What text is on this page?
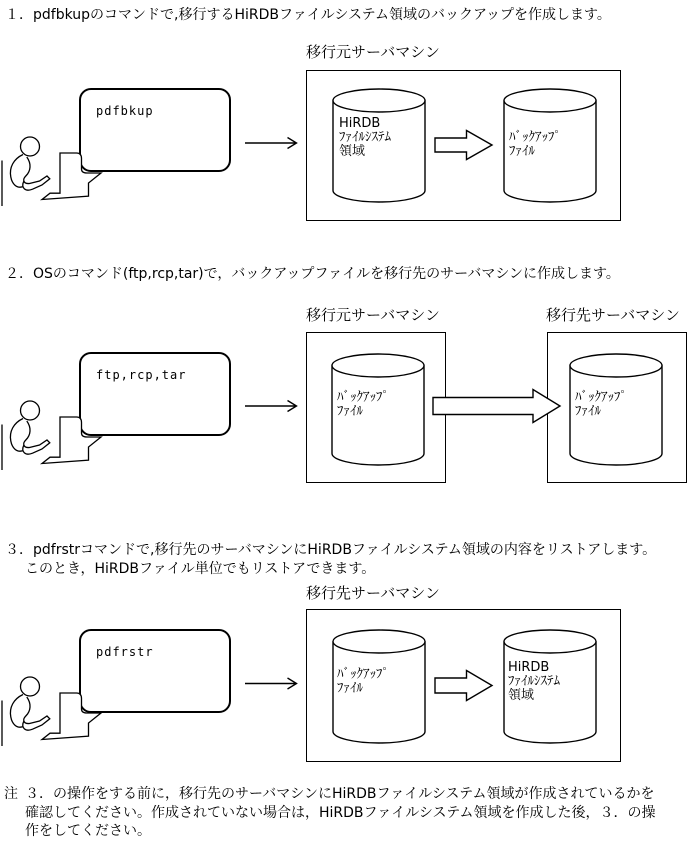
１．pdfbkupのコマンドで,移行するHiRDBファイルシステム領域のバックアップを作成します。
２．OSのコマンド(ftp,rcp,tar)で，バックアップファイルを移行先のサーバマシンに作成します。
３．pdfrstrコマンドで,移行先のサーバマシンにHiRDBファイルシステム領域の内容をリストアします。
このとき，HiRDBファイル単位でもリストアできます。
移行元サーバマシン
移行元サーバマシン	移行先サーバマシン
移行先サーバマシン
pdfbkup
ftp,rcp,tar
pdfrstr
HiRDB
ﾌｧｲﾙｼｽﾃﾑ
領域
ﾊﾞｯｸｱｯﾌﾟ
ﾌｧｲﾙ
ﾊﾞｯｸｱｯﾌﾟ
ﾌｧｲﾙ
ﾊﾞｯｸｱｯﾌﾟ
ﾌｧｲﾙ
ﾊﾞｯｸｱｯﾌﾟ
ﾌｧｲﾙ
HiRDB
ﾌｧｲﾙｼｽﾃﾑ
領域
注 ３．の操作をする前に，移行先のサーバマシンにHiRDBファイルシステム領域が作成されているかを
確認してください。作成されていない場合は，HiRDBファイルシステム領域を作成した後，３．の操
作をしてください。
